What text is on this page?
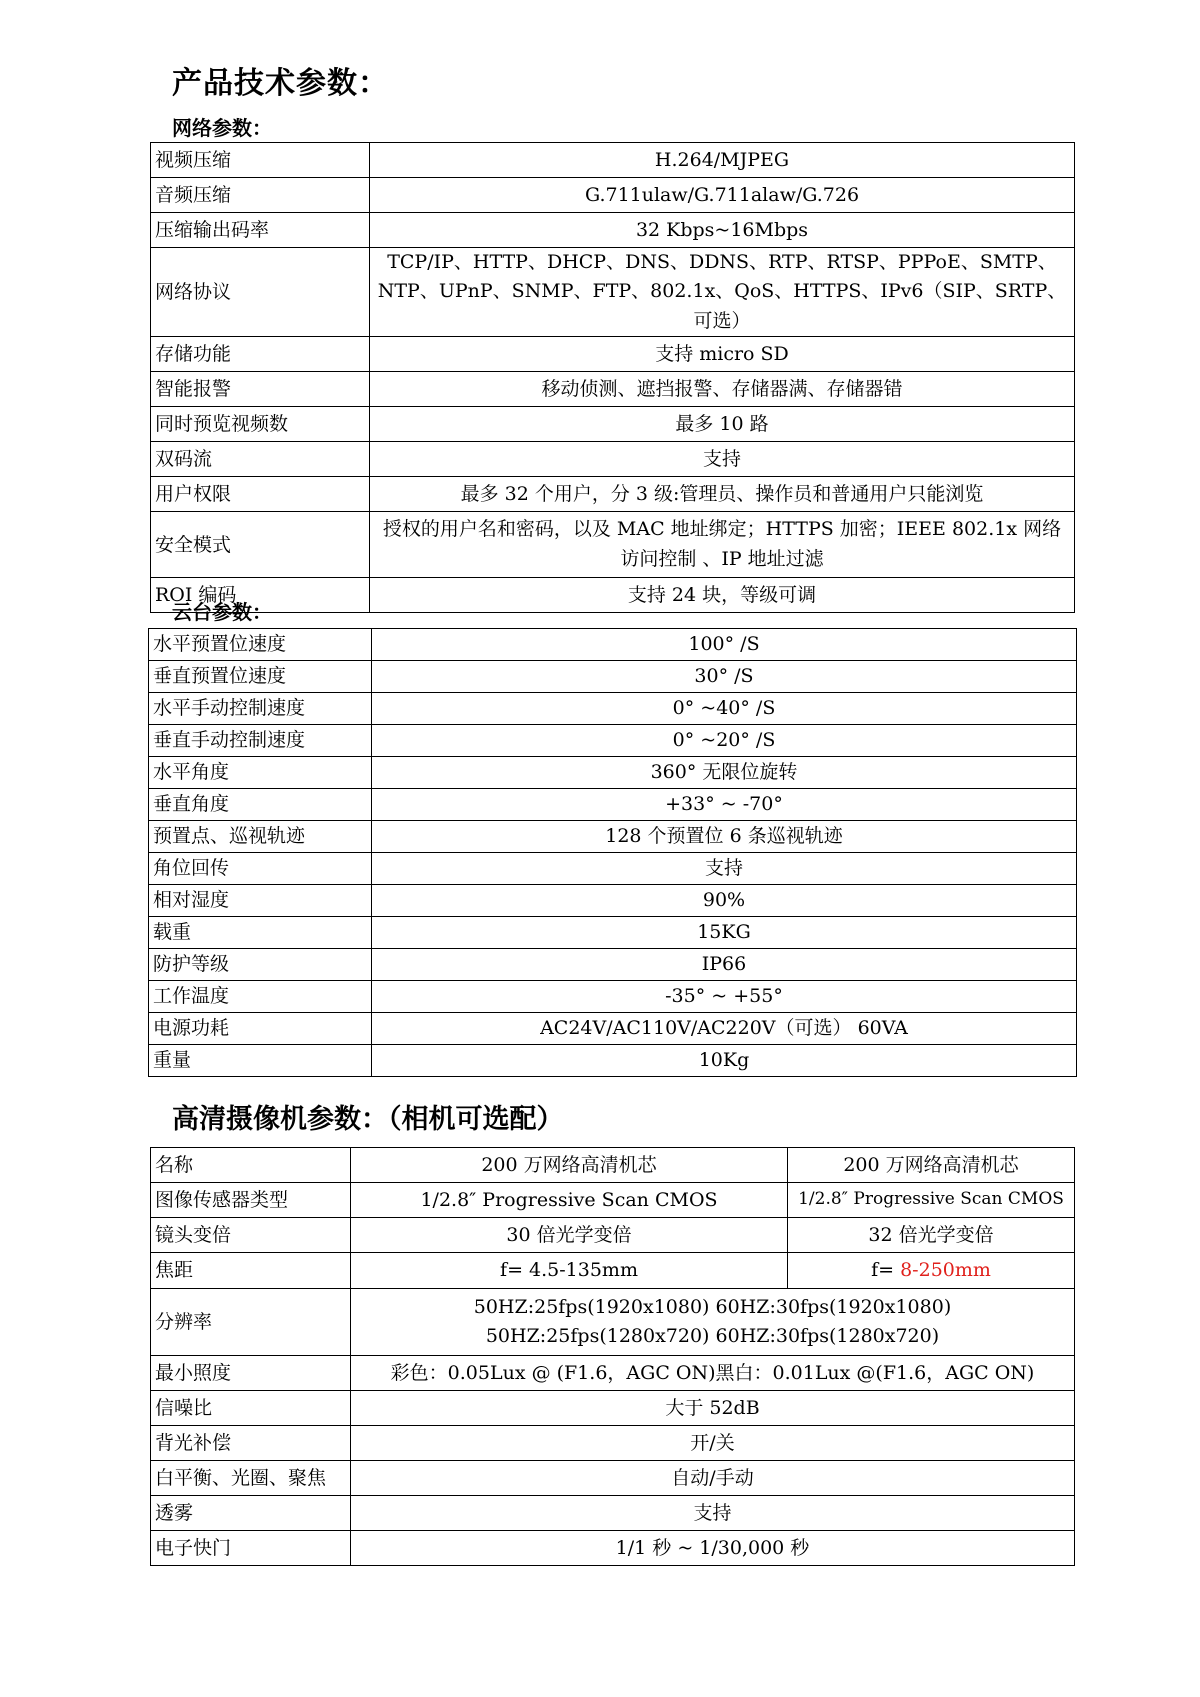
产品技术参数：
网络参数：
视频压缩	H.264/MJPEG
音频压缩	G.711ulaw/G.711alaw/G.726
压缩输出码率	32 Kbps~16Mbps
网络协议	TCP/IP、HTTP、DHCP、DNS、DDNS、RTP、RTSP、PPPoE、SMTP、NTP、UPnP、SNMP、FTP、802.1x、QoS、HTTPS、IPv6（SIP、SRTP、可选）
存储功能	支持 micro SD
智能报警	移动侦测、遮挡报警、存储器满、存储器错
同时预览视频数	最多 10 路
双码流	支持
用户权限	最多 32 个用户，分 3 级:管理员、操作员和普通用户只能浏览
安全模式	授权的用户名和密码，以及 MAC 地址绑定；HTTPS 加密；IEEE 802.1x 网络访问控制 、IP 地址过滤
ROI 编码	支持 24 块，等级可调
云台参数：
水平预置位速度	100° /S
垂直预置位速度	30° /S
水平手动控制速度	0° ~40° /S
垂直手动控制速度	0° ~20° /S
水平角度	360° 无限位旋转
垂直角度	+33° ~ -70°
预置点、巡视轨迹	128 个预置位 6 条巡视轨迹
角位回传	支持
相对湿度	90%
载重	15KG
防护等级	IP66
工作温度	-35° ~ +55°
电源功耗	AC24V/AC110V/AC220V（可选） 60VA
重量	10Kg
高清摄像机参数：（相机可选配）
名称	200 万网络高清机芯	200 万网络高清机芯
图像传感器类型	1/2.8″ Progressive Scan CMOS	1/2.8″ Progressive Scan CMOS
镜头变倍	30 倍光学变倍	32 倍光学变倍
焦距	f= 4.5-135mm	f= 8-250mm
分辨率	50HZ:25fps(1920x1080) 60HZ:30fps(1920x1080)
50HZ:25fps(1280x720) 60HZ:30fps(1280x720)	

最小照度	彩色：0.05Lux @ (F1.6，AGC ON)黑白：0.01Lux @(F1.6，AGC ON)	
信噪比	大于 52dB	
背光补偿	开/关	
白平衡、光圈、聚焦	自动/手动	
透雾	支持	
电子快门	1/1 秒 ~ 1/30,000 秒	
